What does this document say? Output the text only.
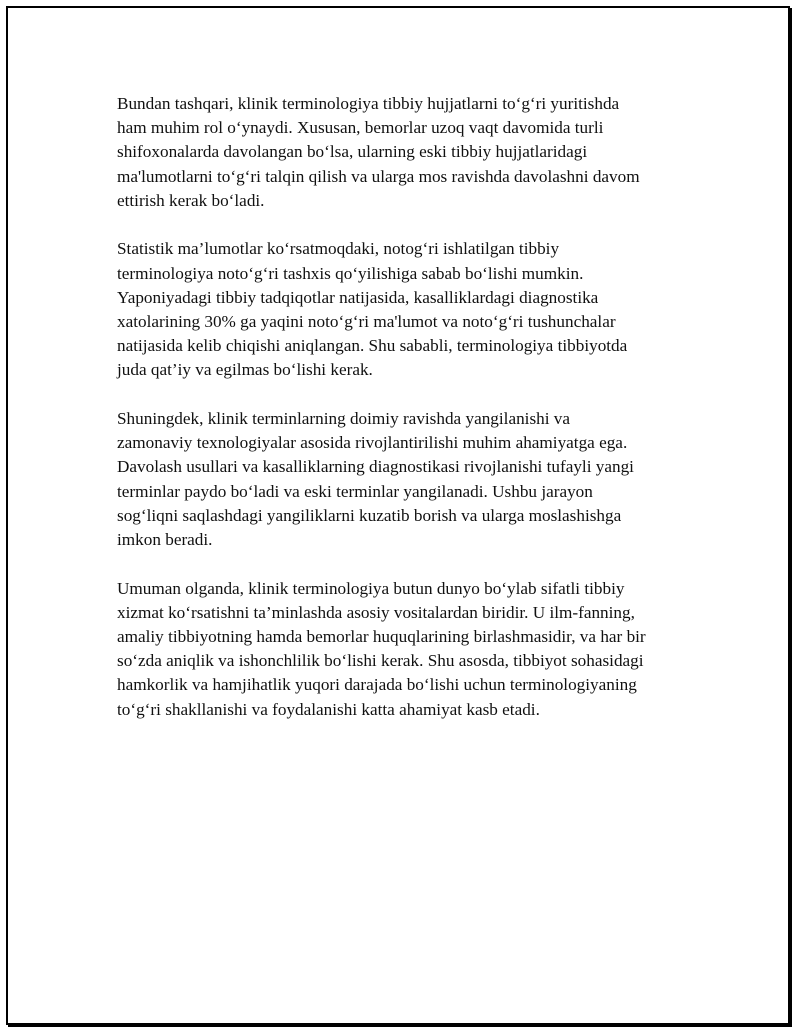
Bundan tashqari, klinik terminologiya tibbiy hujjatlarni to‘g‘ri yuritishda
ham muhim rol o‘ynaydi. Xususan, bemorlar uzoq vaqt davomida turli
shifoxonalarda davolangan bo‘lsa, ularning eski tibbiy hujjatlaridagi
ma'lumotlarni to‘g‘ri talqin qilish va ularga mos ravishda davolashni davom
ettirish kerak bo‘ladi.

Statistik ma’lumotlar ko‘rsatmoqdaki, notog‘ri ishlatilgan tibbiy
terminologiya noto‘g‘ri tashxis qo‘yilishiga sabab bo‘lishi mumkin.
Yaponiyadagi tibbiy tadqiqotlar natijasida, kasalliklardagi diagnostika
xatolarining 30% ga yaqini noto‘g‘ri ma'lumot va noto‘g‘ri tushunchalar
natijasida kelib chiqishi aniqlangan. Shu sababli, terminologiya tibbiyotda
juda qat’iy va egilmas bo‘lishi kerak.

Shuningdek, klinik terminlarning doimiy ravishda yangilanishi va
zamonaviy texnologiyalar asosida rivojlantirilishi muhim ahamiyatga ega.
Davolash usullari va kasalliklarning diagnostikasi rivojlanishi tufayli yangi
terminlar paydo bo‘ladi va eski terminlar yangilanadi. Ushbu jarayon
sog‘liqni saqlashdagi yangiliklarni kuzatib borish va ularga moslashishga
imkon beradi.

Umuman olganda, klinik terminologiya butun dunyo bo‘ylab sifatli tibbiy
xizmat ko‘rsatishni ta’minlashda asosiy vositalardan biridir. U ilm-fanning,
amaliy tibbiyotning hamda bemorlar huquqlarining birlashmasidir, va har bir
so‘zda aniqlik va ishonchlilik bo‘lishi kerak. Shu asosda, tibbiyot sohasidagi
hamkorlik va hamjihatlik yuqori darajada bo‘lishi uchun terminologiyaning
to‘g‘ri shakllanishi va foydalanishi katta ahamiyat kasb etadi.
